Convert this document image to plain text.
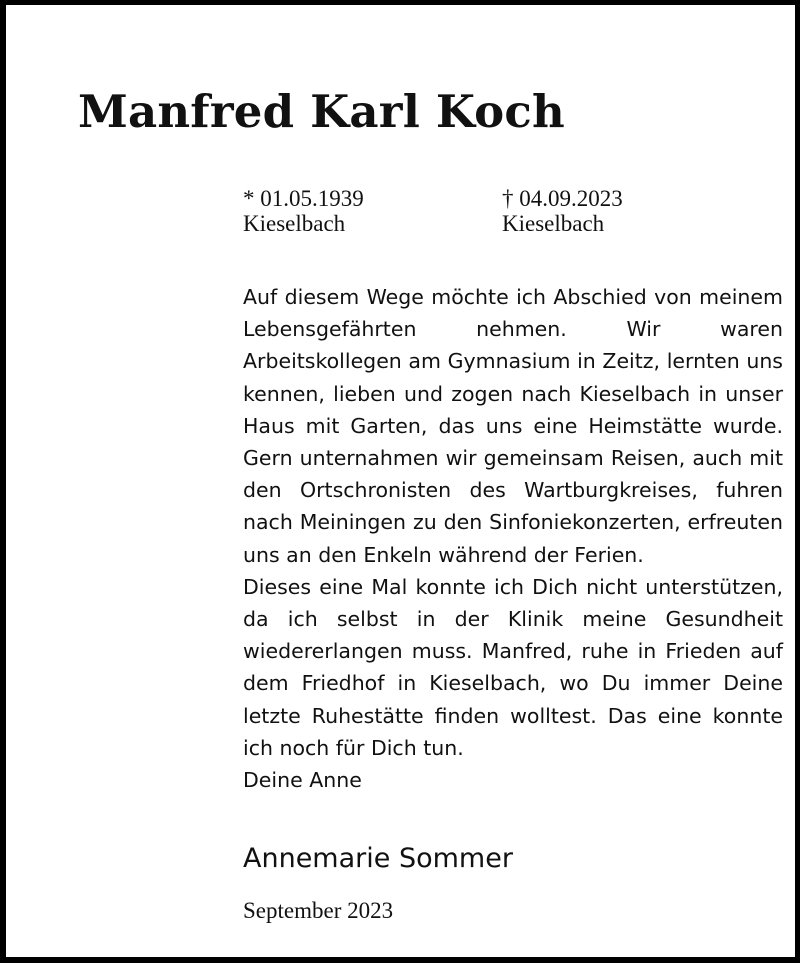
Manfred Karl Koch
* 01.05.1939
Kieselbach
† 04.09.2023
Kieselbach

Auf diesem Wege möchte ich Abschied von meinem Lebensgefährten nehmen. Wir waren Arbeitskollegen am Gymnasium in Zeitz, lernten uns kennen, lieben und zogen nach Kieselbach in unser Haus mit Garten, das uns eine Heimstätte wurde. Gern unternahmen wir gemeinsam Reisen, auch mit den Ortschronisten des Wartburgkreises, fuhren nach Meiningen zu den Sinfoniekonzerten, erfreuten uns an den Enkeln während der Ferien.

Dieses eine Mal konnte ich Dich nicht unterstützen, da ich selbst in der Klinik meine Gesundheit wiedererlangen muss. Manfred, ruhe in Frieden auf dem Friedhof in Kieselbach, wo Du immer Deine letzte Ruhestätte finden wolltest. Das eine konnte ich noch für Dich tun.

Deine Anne

Annemarie Sommer
September 2023
